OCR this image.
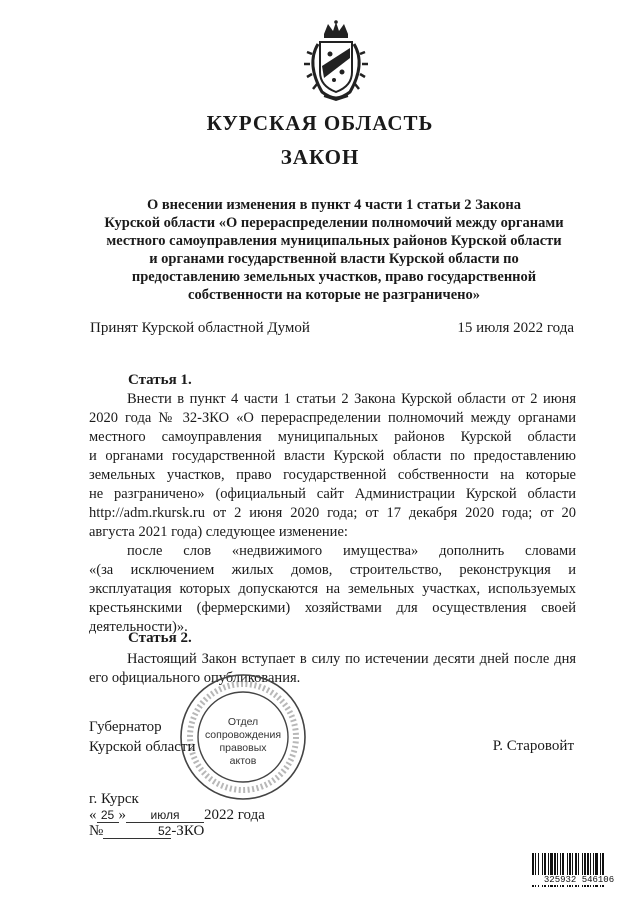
КУРСКАЯ ОБЛАСТЬ
ЗАКОН
О внесении изменения в пункт 4 части 1 статьи 2 Закона
Курской области «О перераспределении полномочий между органами
местного самоуправления муниципальных районов Курской области
и органами государственной власти Курской области по
предоставлению земельных участков, право государственной
собственности на которые не разграничено»
Принят Курской областной Думой	15 июля 2022 года
Статья 1.
Внести в пункт 4 части 1 статьи 2 Закона Курской области от 2 июня
2020 года № 32-ЗКО «О перераспределении полномочий между органами
местного самоуправления муниципальных районов Курской области
и органами государственной власти Курской области по предоставлению
земельных участков, право государственной собственности на которые
не разграничено» (официальный сайт Администрации Курской области
http://adm.rkursk.ru от 2 июня 2020 года; от 17 декабря 2020 года; от 20
августа 2021 года) следующее изменение:
после слов «недвижимого имущества» дополнить словами
«(за исключением жилых домов, строительство, реконструкция и
эксплуатация которых допускаются на земельных участках, используемых
крестьянскими (фермерскими) хозяйствами для осуществления своей
деятельности)».
Статья 2.
Настоящий Закон вступает в силу по истечении десяти дней после дня
его официального опубликования.
Отдел
сопровождения
правовых
актов
Губернатор
Курской области	Р. Старовойт
г. Курск
« 25 » июля 2022 года
№	52-ЗКО
325932 546106
